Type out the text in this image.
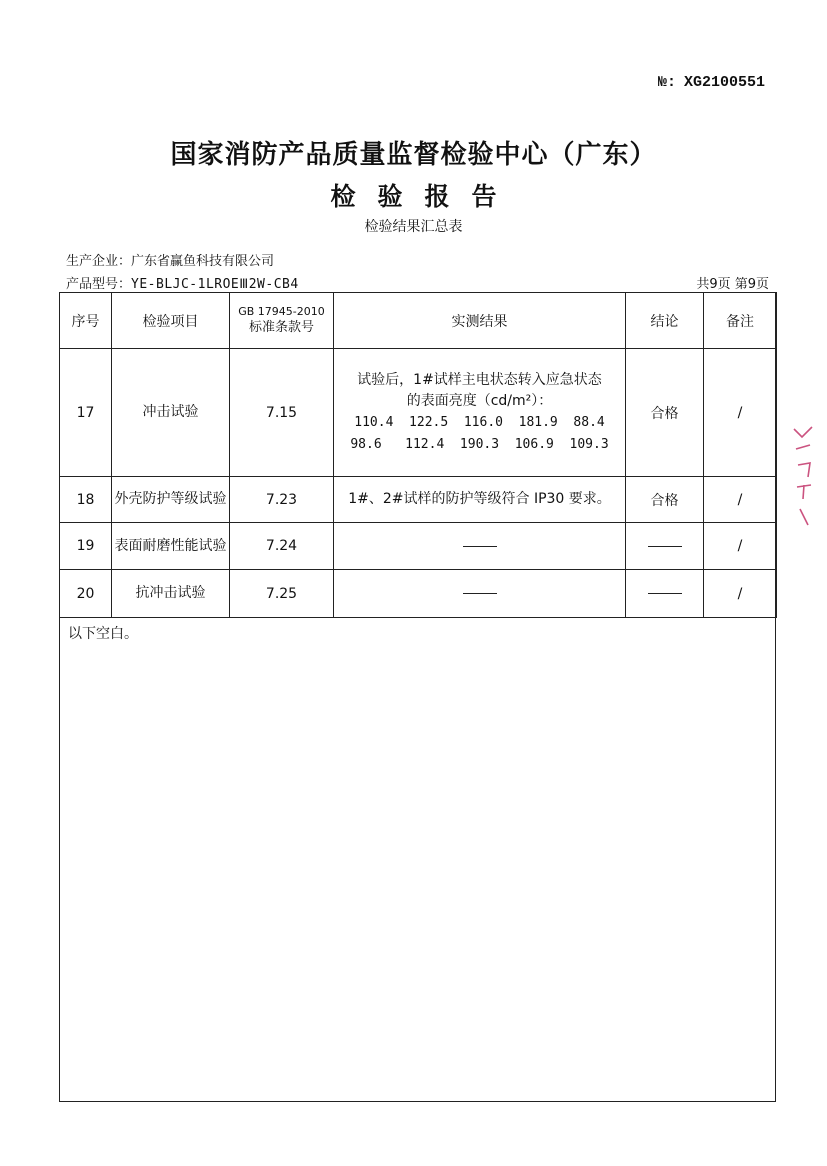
№: XG2100551
国家消防产品质量监督检验中心（广东）
检验报告
检验结果汇总表
生产企业：广东省赢鱼科技有限公司
产品型号：YE-BLJC-1LROEⅢ2W-CB4	共9页 第9页
序号	检验项目	GB 17945-2010
标准条款号	实测结果	结论	备注
17	冲击试验	7.15	试验后，1#试样主电状态转入应急状态
的表面亮度（cd/m²）：
110.4  122.5  116.0  181.9  88.4
98.6   112.4  190.3  106.9  109.3	合格	/
18	外壳防护等级试验	7.23	1#、2#试样的防护等级符合 IP30 要求。	合格	/
19	表面耐磨性能试验	7.24			/
20	抗冲击试验	7.25			/
以下空白。
